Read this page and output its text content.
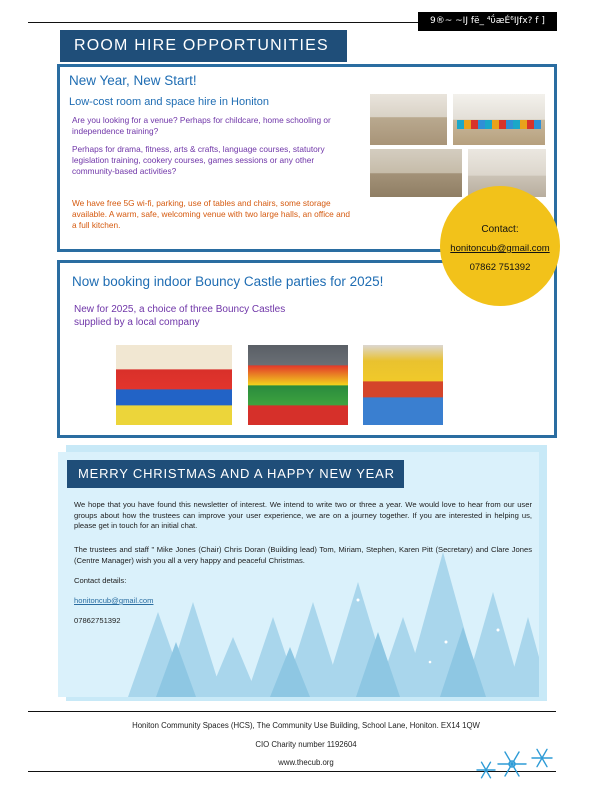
9®~ ~IJ fë_ ⁴ΰæÉ⁶IJfx? f ]
ROOM HIRE OPPORTUNITIES
New Year, New Start!
Low-cost room and space hire in Honiton
Are you looking for a venue? Perhaps for childcare, home schooling or independence training?
Perhaps for drama, fitness, arts & crafts, language courses, statutory legislation training, cookery courses, games sessions or any other community-based activities?
We have free 5G wi-fi, parking, use of tables and chairs, some storage available. A warm, safe, welcoming venue with two large halls, an office and a full kitchen.
Now booking indoor Bouncy Castle parties for 2025!
New for 2025, a choice of three Bouncy Castles supplied by a local company
Contact:
honitoncub@gmail.com
07862 751392
MERRY CHRISTMAS AND A HAPPY NEW YEAR
We hope that you have found this newsletter of interest. We intend to write two or three a year. We would love to hear from our user groups about how the trustees can improve your user experience, we are on a journey together. If you are interested in helping us, please get in touch for an initial chat.
The trustees and staff " Mike Jones (Chair) Chris Doran (Building lead) Tom, Miriam, Stephen, Karen Pitt (Secretary) and Clare Jones (Centre Manager) wish you all a very happy and peaceful Christmas.
Contact details:
honitoncub@gmail.com
07862751392
Honiton Community Spaces (HCS), The Community Use Building, School Lane, Honiton. EX14 1QW
CIO Charity number 1192604
www.thecub.org
